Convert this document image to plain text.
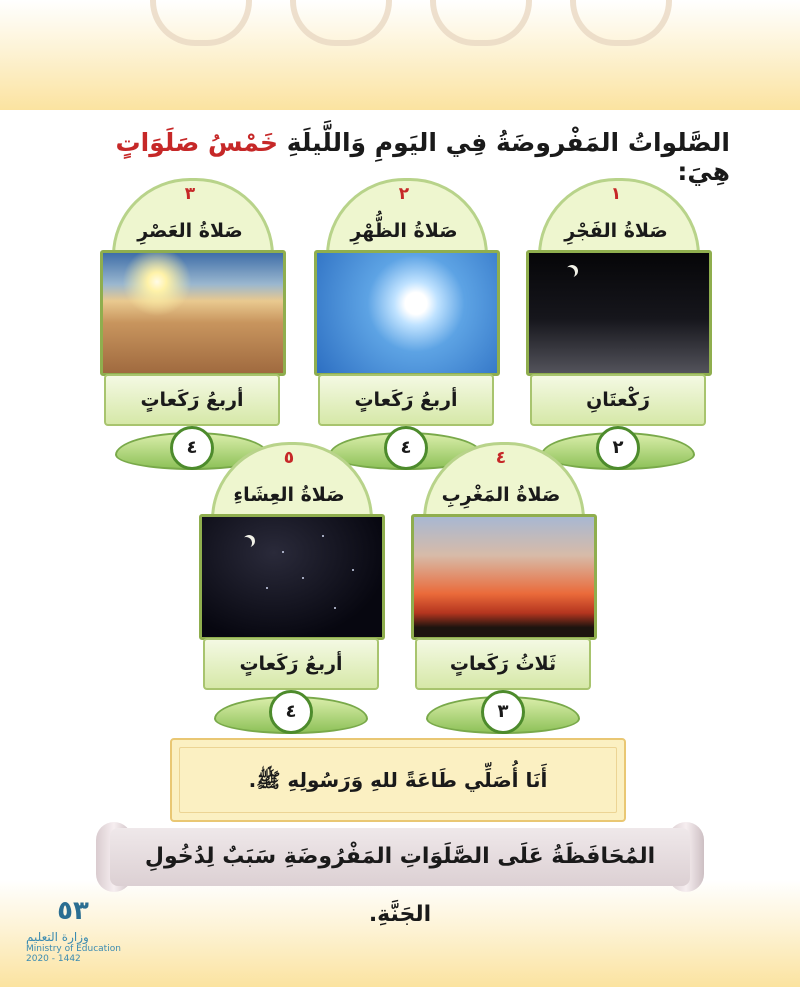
الصَّلواتُ المَفْروضَةُ فِي اليَومِ وَاللَّيلَةِ خَمْسُ صَلَوَاتٍ هِيَ:
١
صَلاةُ الفَجْرِ
رَكْعتَانِ
٢
٢
صَلاةُ الظُّهْرِ
أربعُ رَكَعاتٍ
٤
٣
صَلاةُ العَصْرِ
أربعُ رَكَعاتٍ
٤	٤
صَلاةُ المَغْرِبِ
ثَلاثُ رَكَعاتٍ
٣
٥
صَلاةُ العِشَاءِ
أربعُ رَكَعاتٍ
٤
أَنَا أُصَلِّي طَاعَةً للهِ وَرَسُولِهِ ﷺ.
المُحَافَظَةُ عَلَى الصَّلَوَاتِ المَفْرُوضَةِ سَبَبٌ لِدُخُولِ الجَنَّةِ.
٥٣
وزارة التعليم
Ministry of Education
2020 - 1442
